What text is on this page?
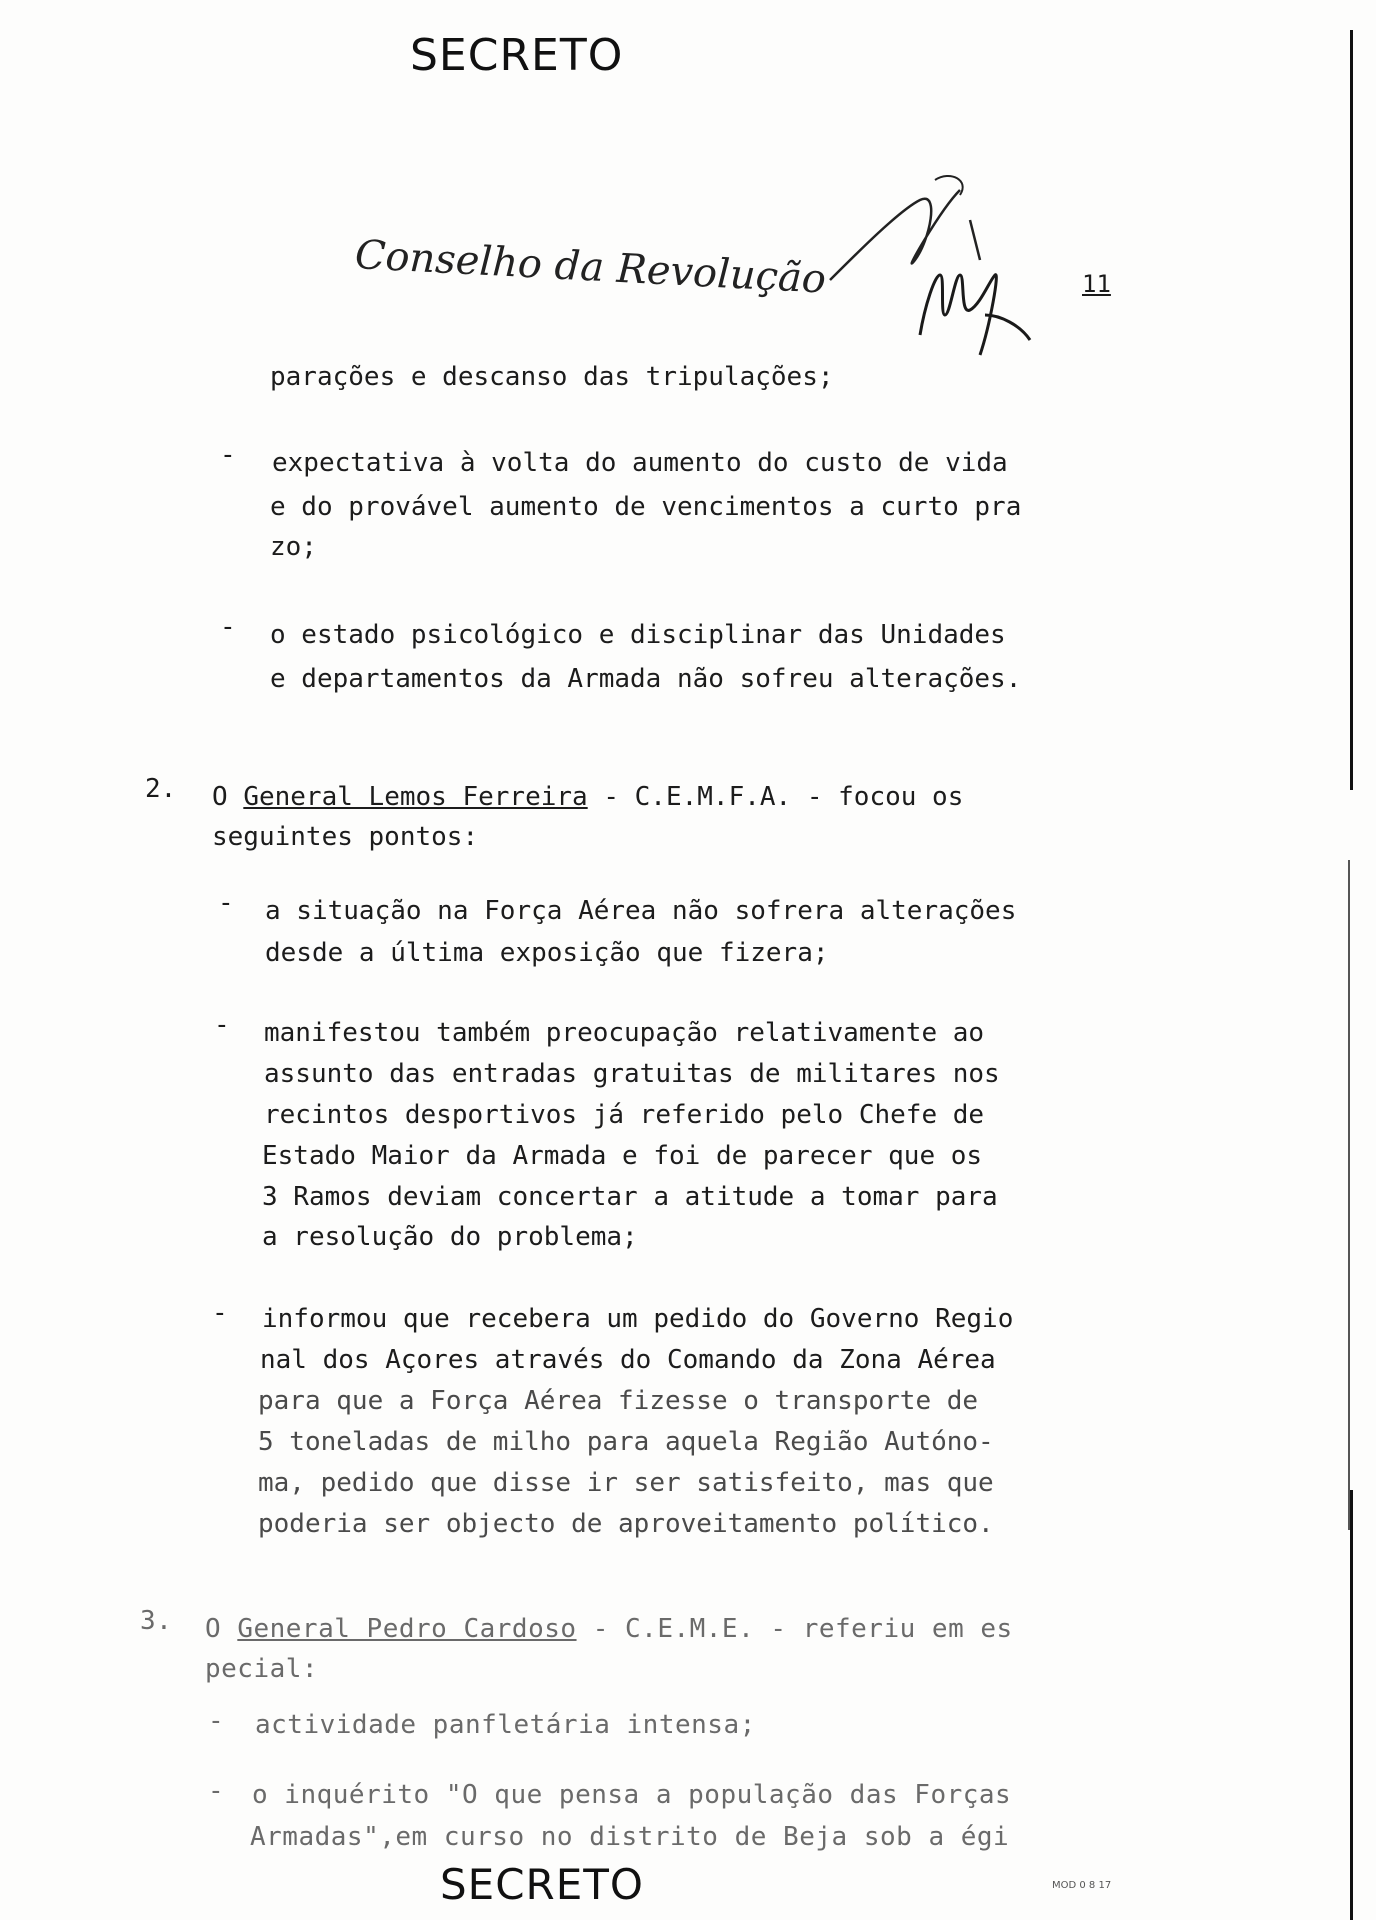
SECRETO
Conselho da Revolução	11
parações e descanso das tripulações;
- expectativa à volta do aumento do custo de vida
e do provável aumento de vencimentos a curto pra
zo;
- o estado psicológico e disciplinar das Unidades
e departamentos da Armada não sofreu alterações.
2. O General Lemos Ferreira - C.E.M.F.A. - focou os
seguintes pontos:
- a situação na Força Aérea não sofrera alterações
desde a última exposição que fizera;
- manifestou também preocupação relativamente ao
assunto das entradas gratuitas de militares nos
recintos desportivos já referido pelo Chefe de
Estado Maior da Armada e foi de parecer que os
3 Ramos deviam concertar a atitude a tomar para
a resolução do problema;
- informou que recebera um pedido do Governo Regio
nal dos Açores através do Comando da Zona Aérea
para que a Força Aérea fizesse o transporte de
5 toneladas de milho para aquela Região Autóno-
ma, pedido que disse ir ser satisfeito, mas que
poderia ser objecto de aproveitamento político.
3. O General Pedro Cardoso - C.E.M.E. - referiu em es
pecial:
- actividade panfletária intensa;
- o inquérito "O que pensa a população das Forças
Armadas",em curso no distrito de Beja sob a égi
SECRETO	MOD 0 8 17
